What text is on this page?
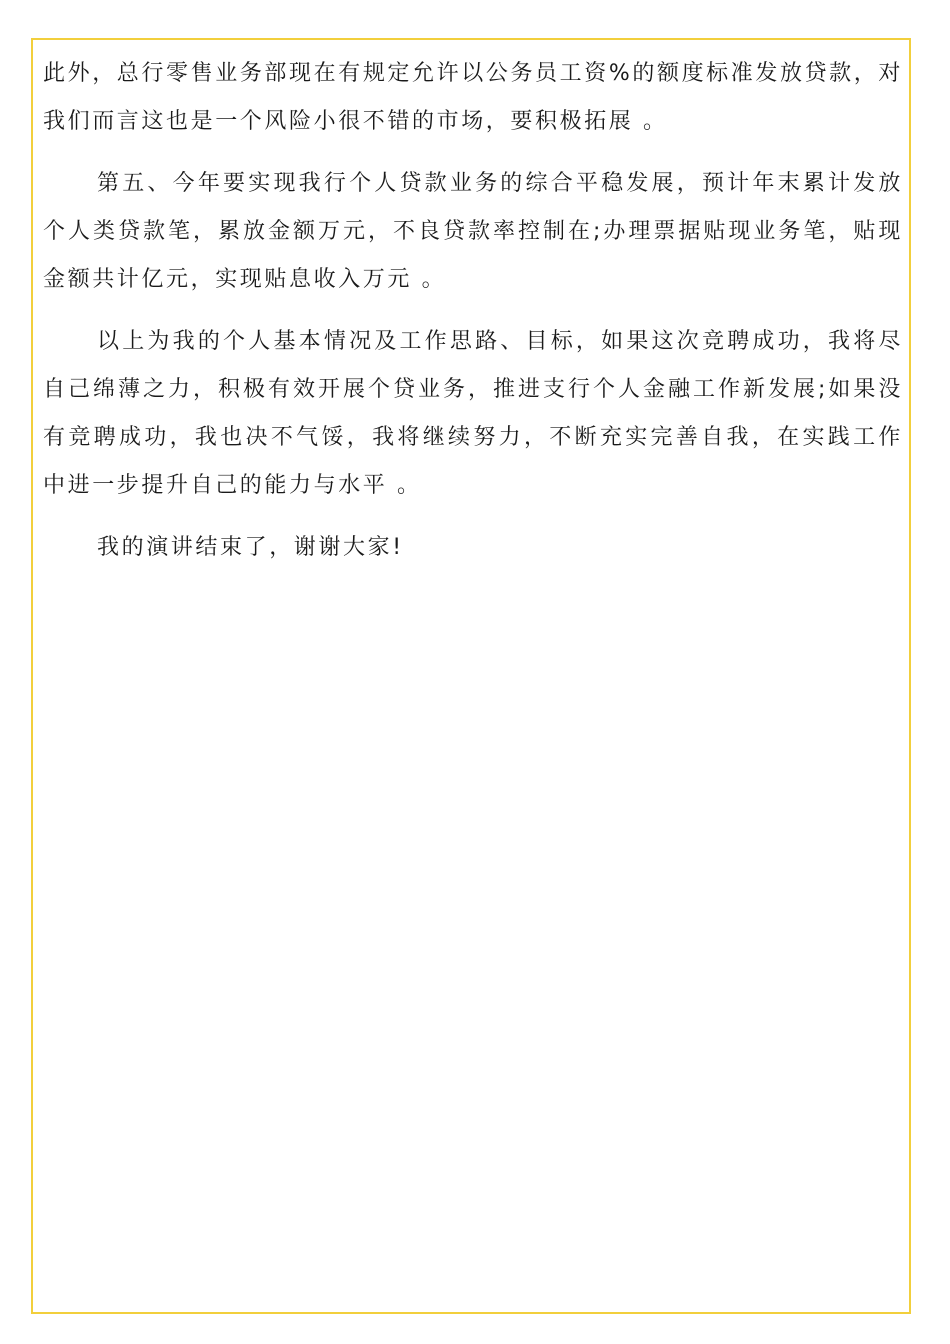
此外，总行零售业务部现在有规定允许以公务员工资%的额度标准发放贷款，对我们而言这也是一个风险小很不错的市场，要积极拓展 。

第五、今年要实现我行个人贷款业务的综合平稳发展，预计年末累计发放个人类贷款笔，累放金额万元，不良贷款率控制在;办理票据贴现业务笔，贴现金额共计亿元，实现贴息收入万元 。

以上为我的个人基本情况及工作思路、目标，如果这次竞聘成功，我将尽自己绵薄之力，积极有效开展个贷业务，推进支行个人金融工作新发展;如果没有竞聘成功，我也决不气馁，我将继续努力，不断充实完善自我，在实践工作中进一步提升自己的能力与水平 。

我的演讲结束了，谢谢大家!
